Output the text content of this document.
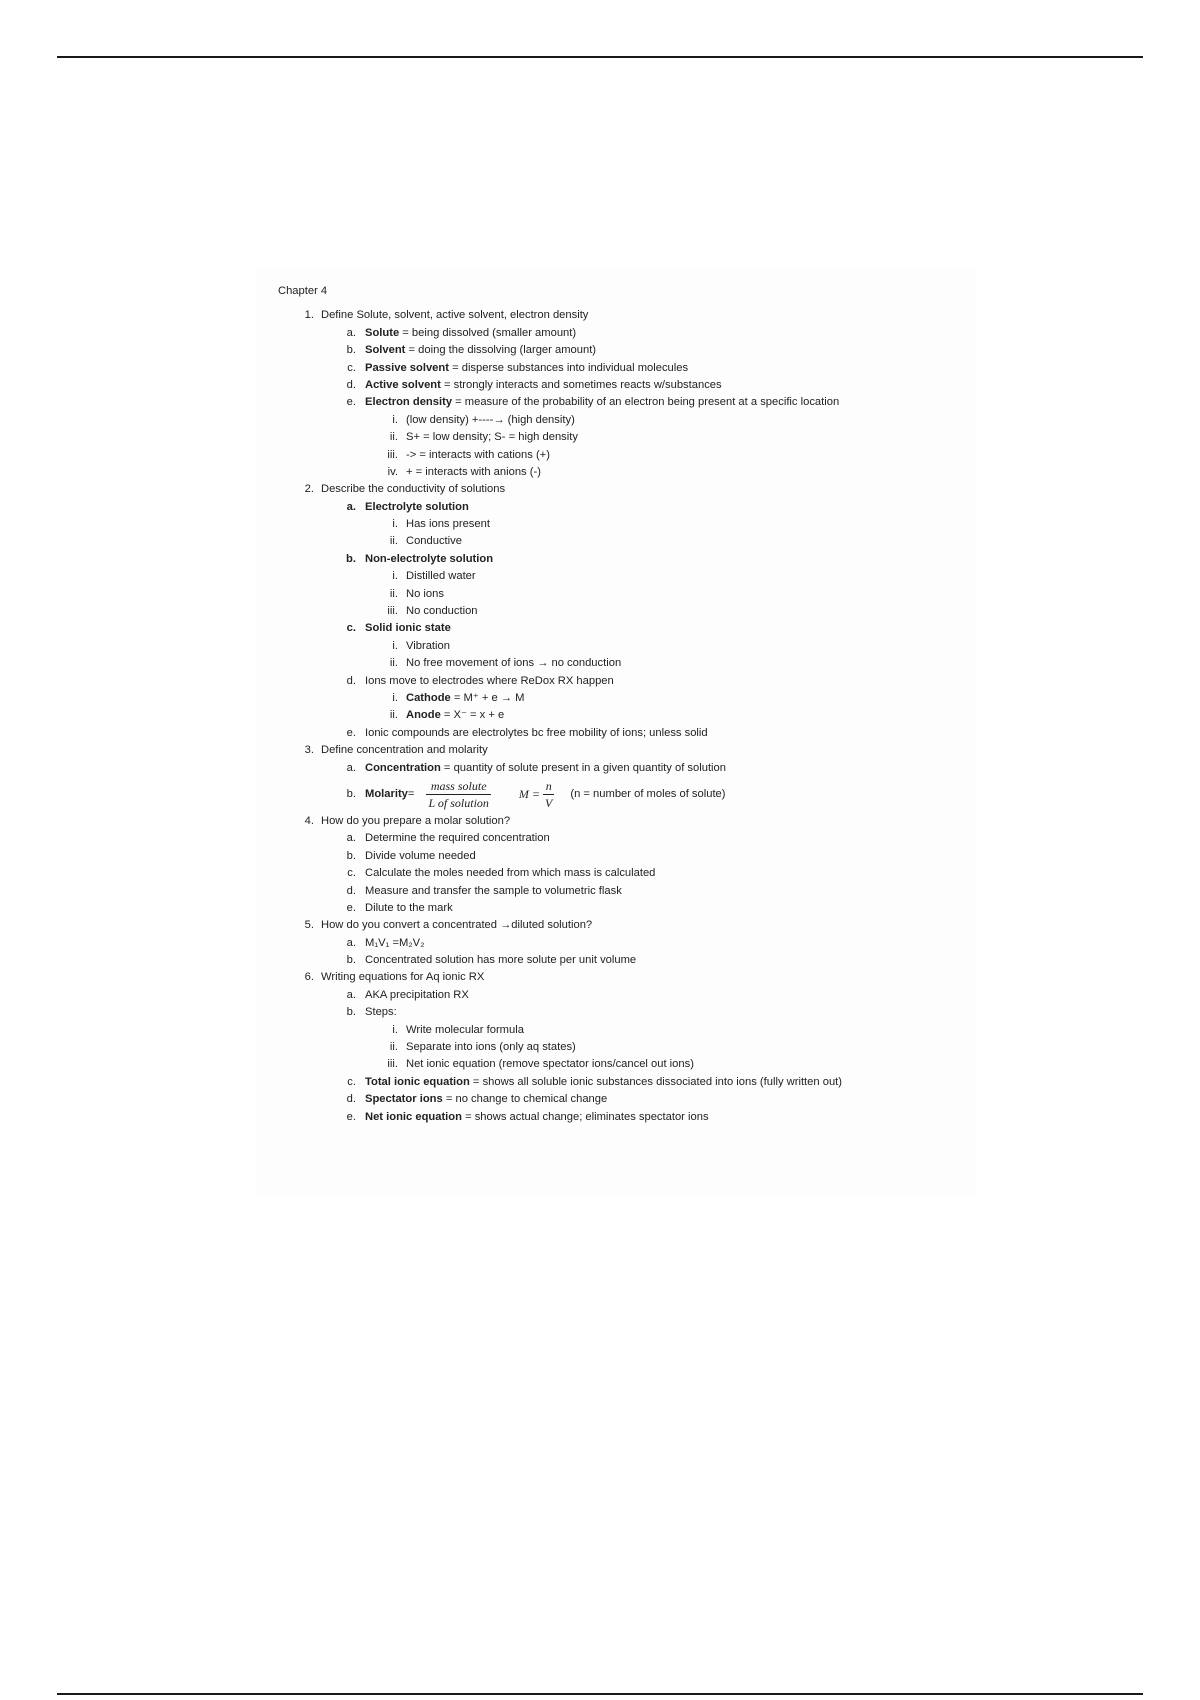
Chapter 4
1. Define Solute, solvent, active solvent, electron density
a. Solute = being dissolved (smaller amount)
b. Solvent = doing the dissolving (larger amount)
c. Passive solvent = disperse substances into individual molecules
d. Active solvent = strongly interacts and sometimes reacts w/substances
e. Electron density = measure of the probability of an electron being present at a specific location
i. (low density) +----→ (high density)
ii. S+ = low density; S- = high density
iii. -> = interacts with cations (+)
iv. + = interacts with anions (-)
2. Describe the conductivity of solutions
a. Electrolyte solution
i. Has ions present
ii. Conductive
b. Non-electrolyte solution
i. Distilled water
ii. No ions
iii. No conduction
c. Solid ionic state
i. Vibration
ii. No free movement of ions → no conduction
d. Ions move to electrodes where ReDox RX happen
i. Cathode = M⁺ + e → M
ii. Anode = X⁻ = x + e
e. Ionic compounds are electrolytes bc free mobility of ions; unless solid
3. Define concentration and molarity
a. Concentration = quantity of solute present in a given quantity of solution
b. Molarity = $\frac{\text{mass solute}}{\text{L of solution}}$ $M = \frac{n}{V} (n$ = number of moles of solute)
4. How do you prepare a molar solution?
a. Determine the required concentration
b. Divide volume needed
c. Calculate the moles needed from which mass is calculated
d. Measure and transfer the sample to volumetric flask
e. Dilute to the mark
5. How do you convert a concentrated →diluted solution?
a. M₁V₁ =M₂V₂
b. Concentrated solution has more solute per unit volume
6. Writing equations for Aq ionic RX
a. AKA precipitation RX
b. Steps:
i. Write molecular formula
ii. Separate into ions (only aq states)
iii. Net ionic equation (remove spectator ions/cancel out ions)
c. Total ionic equation = shows all soluble ionic substances dissociated into ions (fully written out)
d. Spectator ions = no change to chemical change
e. Net ionic equation = shows actual change; eliminates spectator ions
